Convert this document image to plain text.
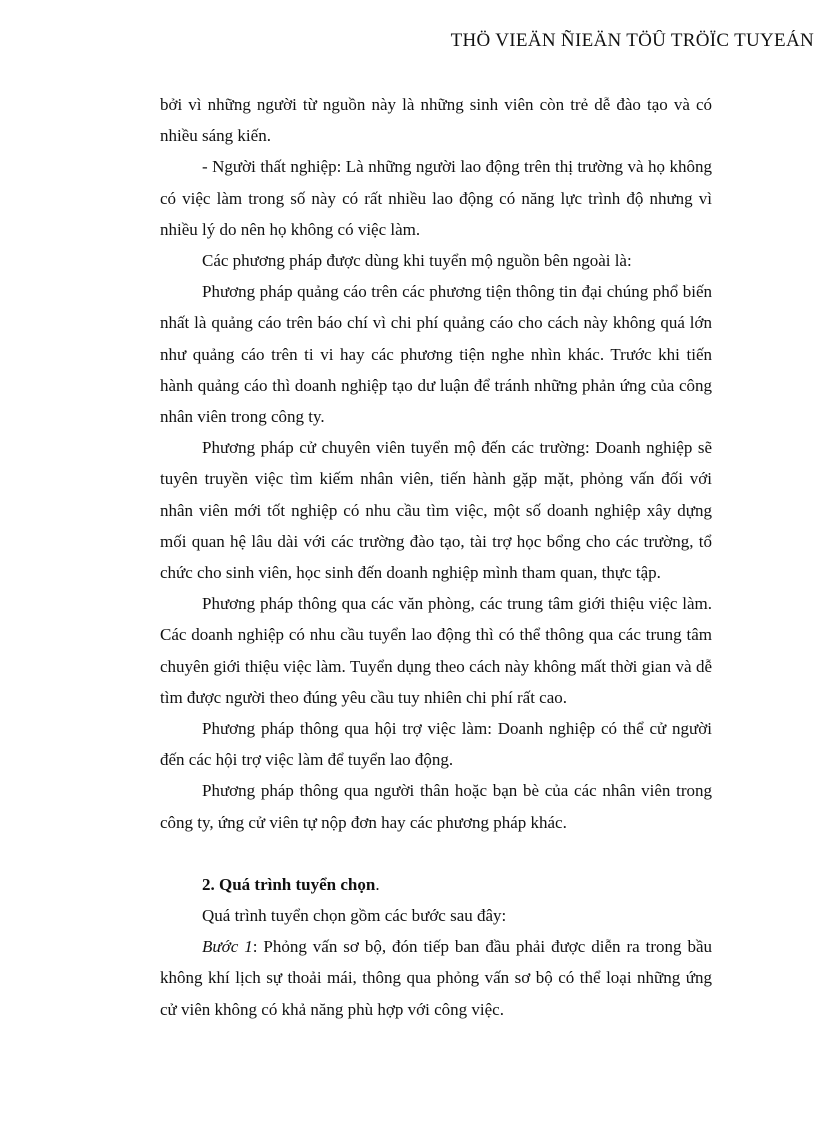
THÖ VIEÄN ÑIEÄN TÖÛ TRÖÏC TUYEÁN

bởi vì những người từ nguồn này là những sinh viên còn trẻ dễ đào tạo và có nhiều sáng kiến.

- Người thất nghiệp: Là những người lao động trên thị trường và họ không có việc làm trong số này có rất nhiều lao động có năng lực trình độ nhưng vì nhiều lý do nên họ không có việc làm.

Các phương pháp được dùng khi tuyển mộ nguồn bên ngoài là:

Phương pháp quảng cáo trên các phương tiện thông tin đại chúng phổ biến nhất là quảng cáo trên báo chí vì chi phí quảng cáo cho cách này không quá lớn như quảng cáo trên ti vi hay các phương tiện nghe nhìn khác. Trước khi tiến hành quảng cáo thì doanh nghiệp tạo dư luận để tránh những phản ứng của công nhân viên trong công ty.

Phương pháp cử chuyên viên tuyển mộ đến các trường: Doanh nghiệp sẽ tuyên truyền việc tìm kiếm nhân viên, tiến hành gặp mặt, phỏng vấn đối với nhân viên mới tốt nghiệp có nhu cầu tìm việc, một số doanh nghiệp xây dựng mối quan hệ lâu dài với các trường đào tạo, tài trợ học bổng cho các trường, tổ chức cho sinh viên, học sinh đến doanh nghiệp mình tham quan, thực tập.

Phương pháp thông qua các văn phòng, các trung tâm giới thiệu việc làm. Các doanh nghiệp có nhu cầu tuyển lao động thì có thể thông qua các trung tâm chuyên giới thiệu việc làm. Tuyển dụng theo cách này không mất thời gian và dễ tìm được người theo đúng yêu cầu tuy nhiên chi phí rất cao.

Phương pháp thông qua hội trợ việc làm: Doanh nghiệp có thể cử người đến các hội trợ việc làm để tuyển lao động.

Phương pháp thông qua người thân hoặc bạn bè của các nhân viên trong công ty, ứng cử viên tự nộp đơn hay các phương pháp khác.

2. Quá trình tuyển chọn.

Quá trình tuyển chọn gồm các bước sau đây:

Bước 1: Phỏng vấn sơ bộ, đón tiếp ban đầu phải được diễn ra trong bầu không khí lịch sự thoải mái, thông qua phỏng vấn sơ bộ có thể loại những ứng cử viên không có khả năng phù hợp với công việc.
